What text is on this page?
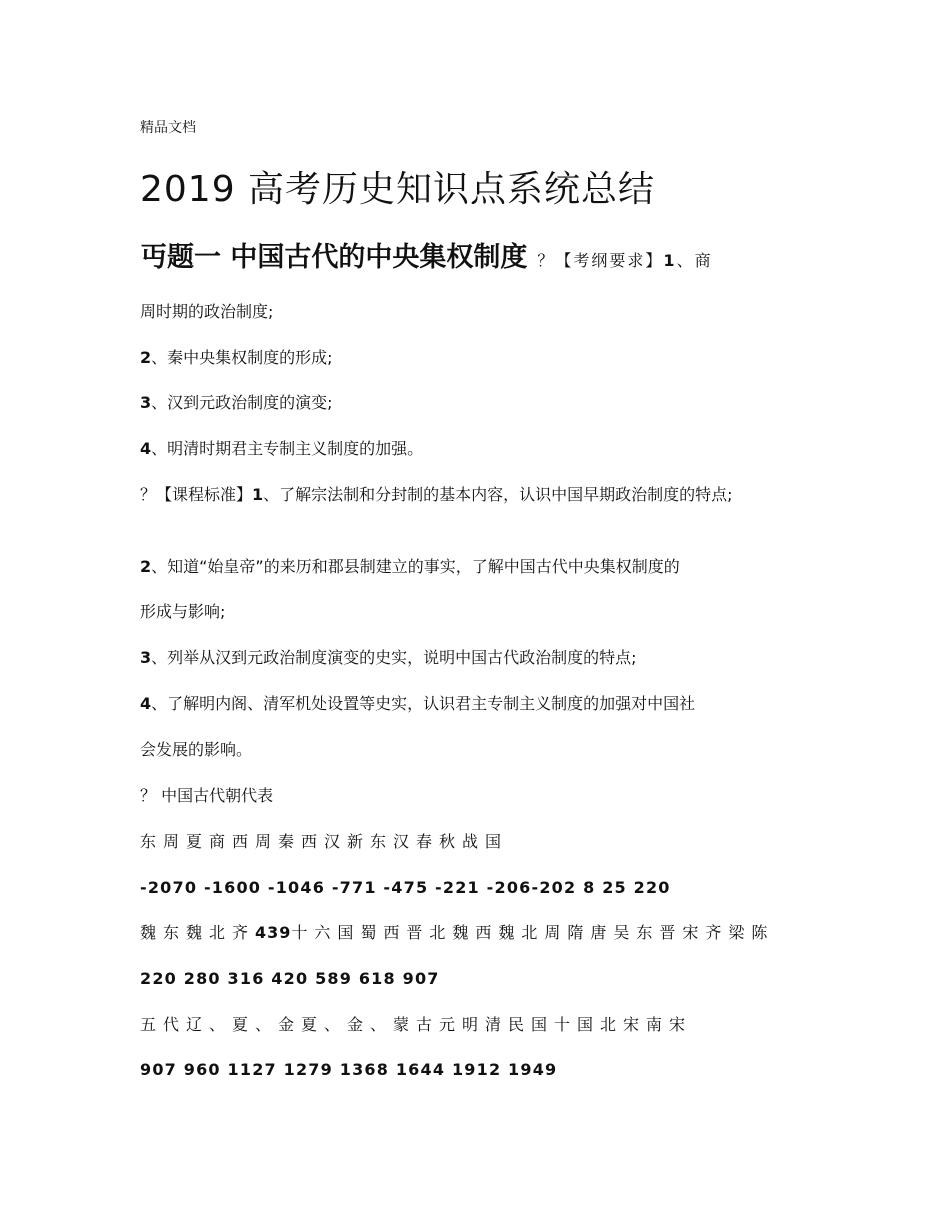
精品文档
2019 高考历史知识点系统总结
丏题一 中国古代的中央集权制度 ？【考纲要求】1、商
周时期的政治制度;
2、秦中央集权制度的形成;
3、汉到元政治制度的演变;
4、明清时期君主专制主义制度的加强。
？【课程标准】1、了解宗法制和分封制的基本内容，认识中国早期政治制度的特点;
2、知道“始皇帝”的来历和郡县制建立的事实，了解中国古代中央集权制度的
形成与影响;
3、列举从汉到元政治制度演变的史实，说明中国古代政治制度的特点;
4、了解明内阁、清军机处设置等史实，认识君主专制主义制度的加强对中国社
会发展的影响。
？ 中国古代朝代表
东周夏商西周秦西汉新东汉春秋战国
-2070 -1600 -1046 -771 -475 -221 -206-202 8 25 220
魏东魏北齐439十六国蜀西晋北魏西魏北周隋唐吴东晋宋齐梁陈
220 280 316 420 589 618 907
五代辽、夏、金夏、金、蒙古元明清民国十国北宋南宋
907 960 1127 1279 1368 1644 1912 1949
